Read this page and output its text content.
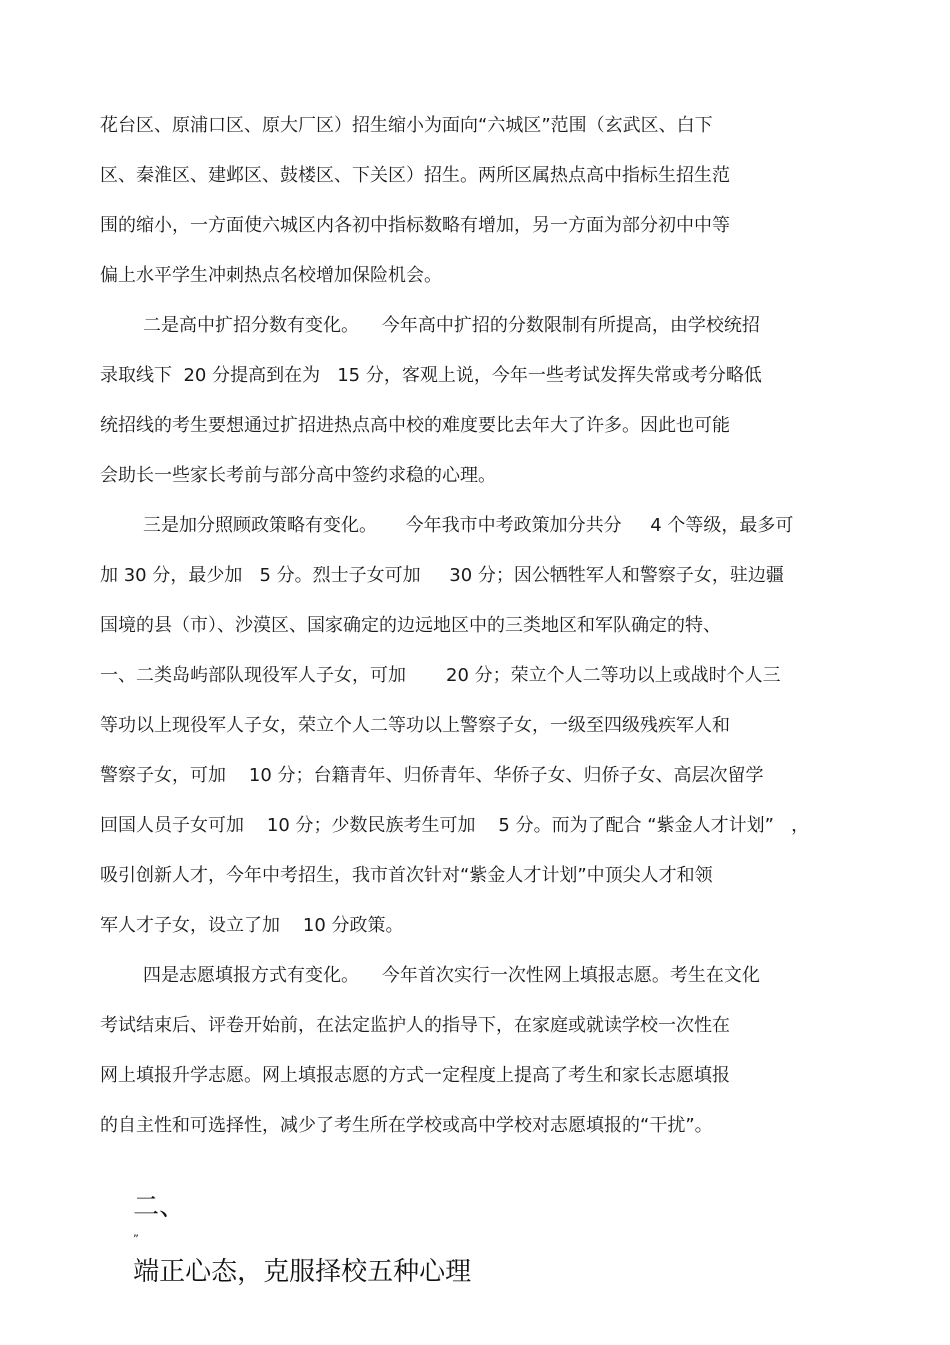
花台区、原浦口区、原大厂区）招生缩小为面向“六城区”范围（玄武区、白下
区、秦淮区、建邺区、鼓楼区、下关区）招生。两所区属热点高中指标生招生范
围的缩小，一方面使六城区内各初中指标数略有增加，另一方面为部分初中中等
偏上水平学生冲刺热点名校增加保险机会。
二是高中扩招分数有变化。    今年高中扩招的分数限制有所提高，由学校统招
录取线下  20 分提高到在为   15 分，客观上说，今年一些考试发挥失常或考分略低
统招线的考生要想通过扩招进热点高中校的难度要比去年大了许多。因此也可能
会助长一些家长考前与部分高中签约求稳的心理。
三是加分照顾政策略有变化。     今年我市中考政策加分共分     4 个等级，最多可
加 30 分，最少加   5 分。烈士子女可加     30 分；因公牺牲军人和警察子女，驻边疆
国境的县（市）、沙漠区、国家确定的边远地区中的三类地区和军队确定的特、
一、二类岛屿部队现役军人子女，可加       20 分；荣立个人二等功以上或战时个人三
等功以上现役军人子女，荣立个人二等功以上警察子女，一级至四级残疾军人和
警察子女，可加    10 分；台籍青年、归侨青年、华侨子女、归侨子女、高层次留学
回国人员子女可加    10 分；少数民族考生可加    5 分。而为了配合 “紫金人才计划”   ，
吸引创新人才，今年中考招生，我市首次针对“紫金人才计划”中顶尖人才和领
军人才子女，设立了加    10 分政策。
四是志愿填报方式有变化。    今年首次实行一次性网上填报志愿。考生在文化
考试结束后、评卷开始前，在法定监护人的指导下，在家庭或就读学校一次性在
网上填报升学志愿。网上填报志愿的方式一定程度上提高了考生和家长志愿填报
的自主性和可选择性，减少了考生所在学校或高中学校对志愿填报的“干扰”。

二、
”
端正心态，克服择校五种心理
